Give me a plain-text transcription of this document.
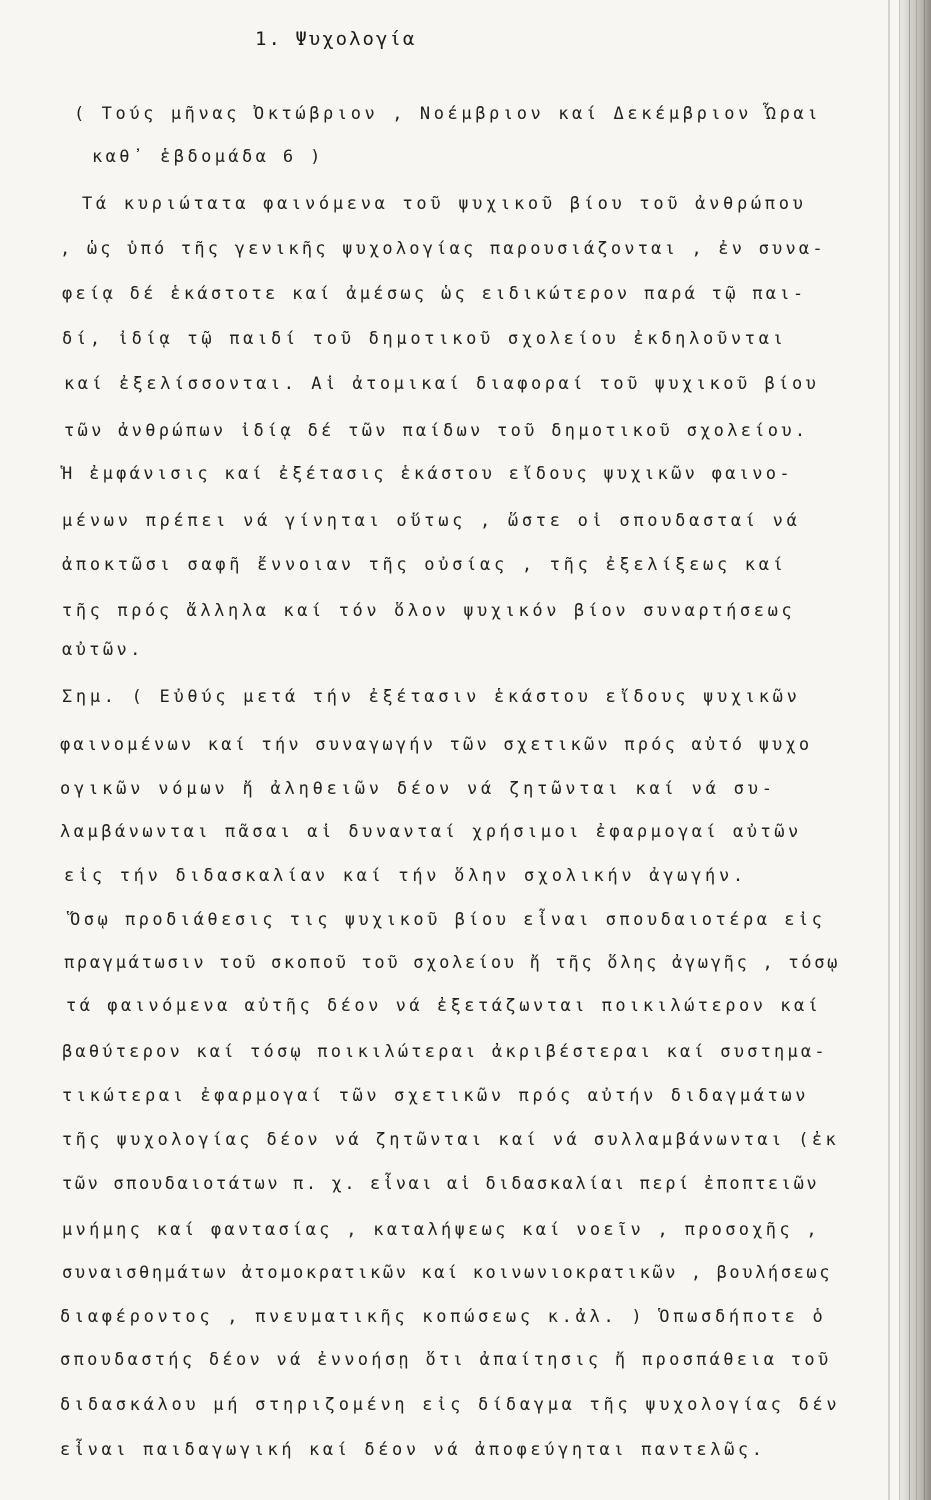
1. Ψυχολογία
( Τούς μῆνας Ὀκτώβριον , Νοέμβριον καί Δεκέμβριον Ὧραι
καθ᾽ ἑβδομάδα 6 )
Τά κυριώτατα φαινόμενα τοῦ ψυχικοῦ βίου τοῦ ἀνθρώπου
, ὡς ὑπό τῆς γενικῆς ψυχολογίας παρουσιάζονται , ἐν συνα-
φείᾳ δέ ἑκάστοτε καί ἀμέσως ὡς ειδικώτερον παρά τῷ παι-
δί, ἰδίᾳ τῷ παιδί τοῦ δημοτικοῦ σχολείου ἐκδηλοῦνται
καί ἐξελίσσονται. Αἱ ἀτομικαί διαφοραί τοῦ ψυχικοῦ βίου
τῶν ἀνθρώπων ἰδίᾳ δέ τῶν παίδων τοῦ δημοτικοῦ σχολείου.
Ἡ ἐμφάνισις καί ἐξέτασις ἑκάστου εἴδους ψυχικῶν φαινο-
μένων πρέπει νά γίνηται οὕτως , ὥστε οἱ σπουδασταί νά
ἀποκτῶσι σαφῆ ἔννοιαν τῆς οὐσίας , τῆς ἐξελίξεως καί
τῆς πρός ἄλληλα καί τόν ὅλον ψυχικόν βίον συναρτήσεως
αὐτῶν.
Σημ. ( Εὐθύς μετά τήν ἐξέτασιν ἑκάστου εἴδους ψυχικῶν
φαινομένων καί τήν συναγωγήν τῶν σχετικῶν πρός αὐτό ψυχο
ογικῶν νόμων ἤ ἀληθειῶν δέον νά ζητῶνται καί νά συ-
λαμβάνωνται πᾶσαι αἱ δυνανταί χρήσιμοι ἐφαρμογαί αὐτῶν
εἰς τήν διδασκαλίαν καί τήν ὅλην σχολικήν ἀγωγήν.
Ὅσῳ προδιάθεσις τις ψυχικοῦ βίου εἶναι σπουδαιοτέρα εἰς
πραγμάτωσιν τοῦ σκοποῦ τοῦ σχολείου ἤ τῆς ὅλης ἀγωγῆς , τόσῳ
τά φαινόμενα αὐτῆς δέον νά ἐξετάζωνται ποικιλώτερον καί
βαθύτερον καί τόσῳ ποικιλώτεραι ἀκριβέστεραι καί συστημα-
τικώτεραι ἐφαρμογαί τῶν σχετικῶν πρός αὐτήν διδαγμάτων
τῆς ψυχολογίας δέον νά ζητῶνται καί νά συλλαμβάνωνται (ἐκ
τῶν σπουδαιοτάτων π. χ. εἶναι αἱ διδασκαλίαι περί ἐποπτειῶν
μνήμης καί φαντασίας , καταλήψεως καί νοεῖν , προσοχῆς ,
συναισθημάτων ἀτομοκρατικῶν καί κοινωνιοκρατικῶν , βουλήσεως
διαφέροντος , πνευματικῆς κοπώσεως κ.ἀλ. ) Ὁπωσδήποτε ὁ
σπουδαστής δέον νά ἐννοήσῃ ὅτι ἀπαίτησις ἤ προσπάθεια τοῦ
διδασκάλου μή στηριζομένη εἰς δίδαγμα τῆς ψυχολογίας δέν
εἶναι παιδαγωγική καί δέον νά ἀποφεύγηται παντελῶς.
